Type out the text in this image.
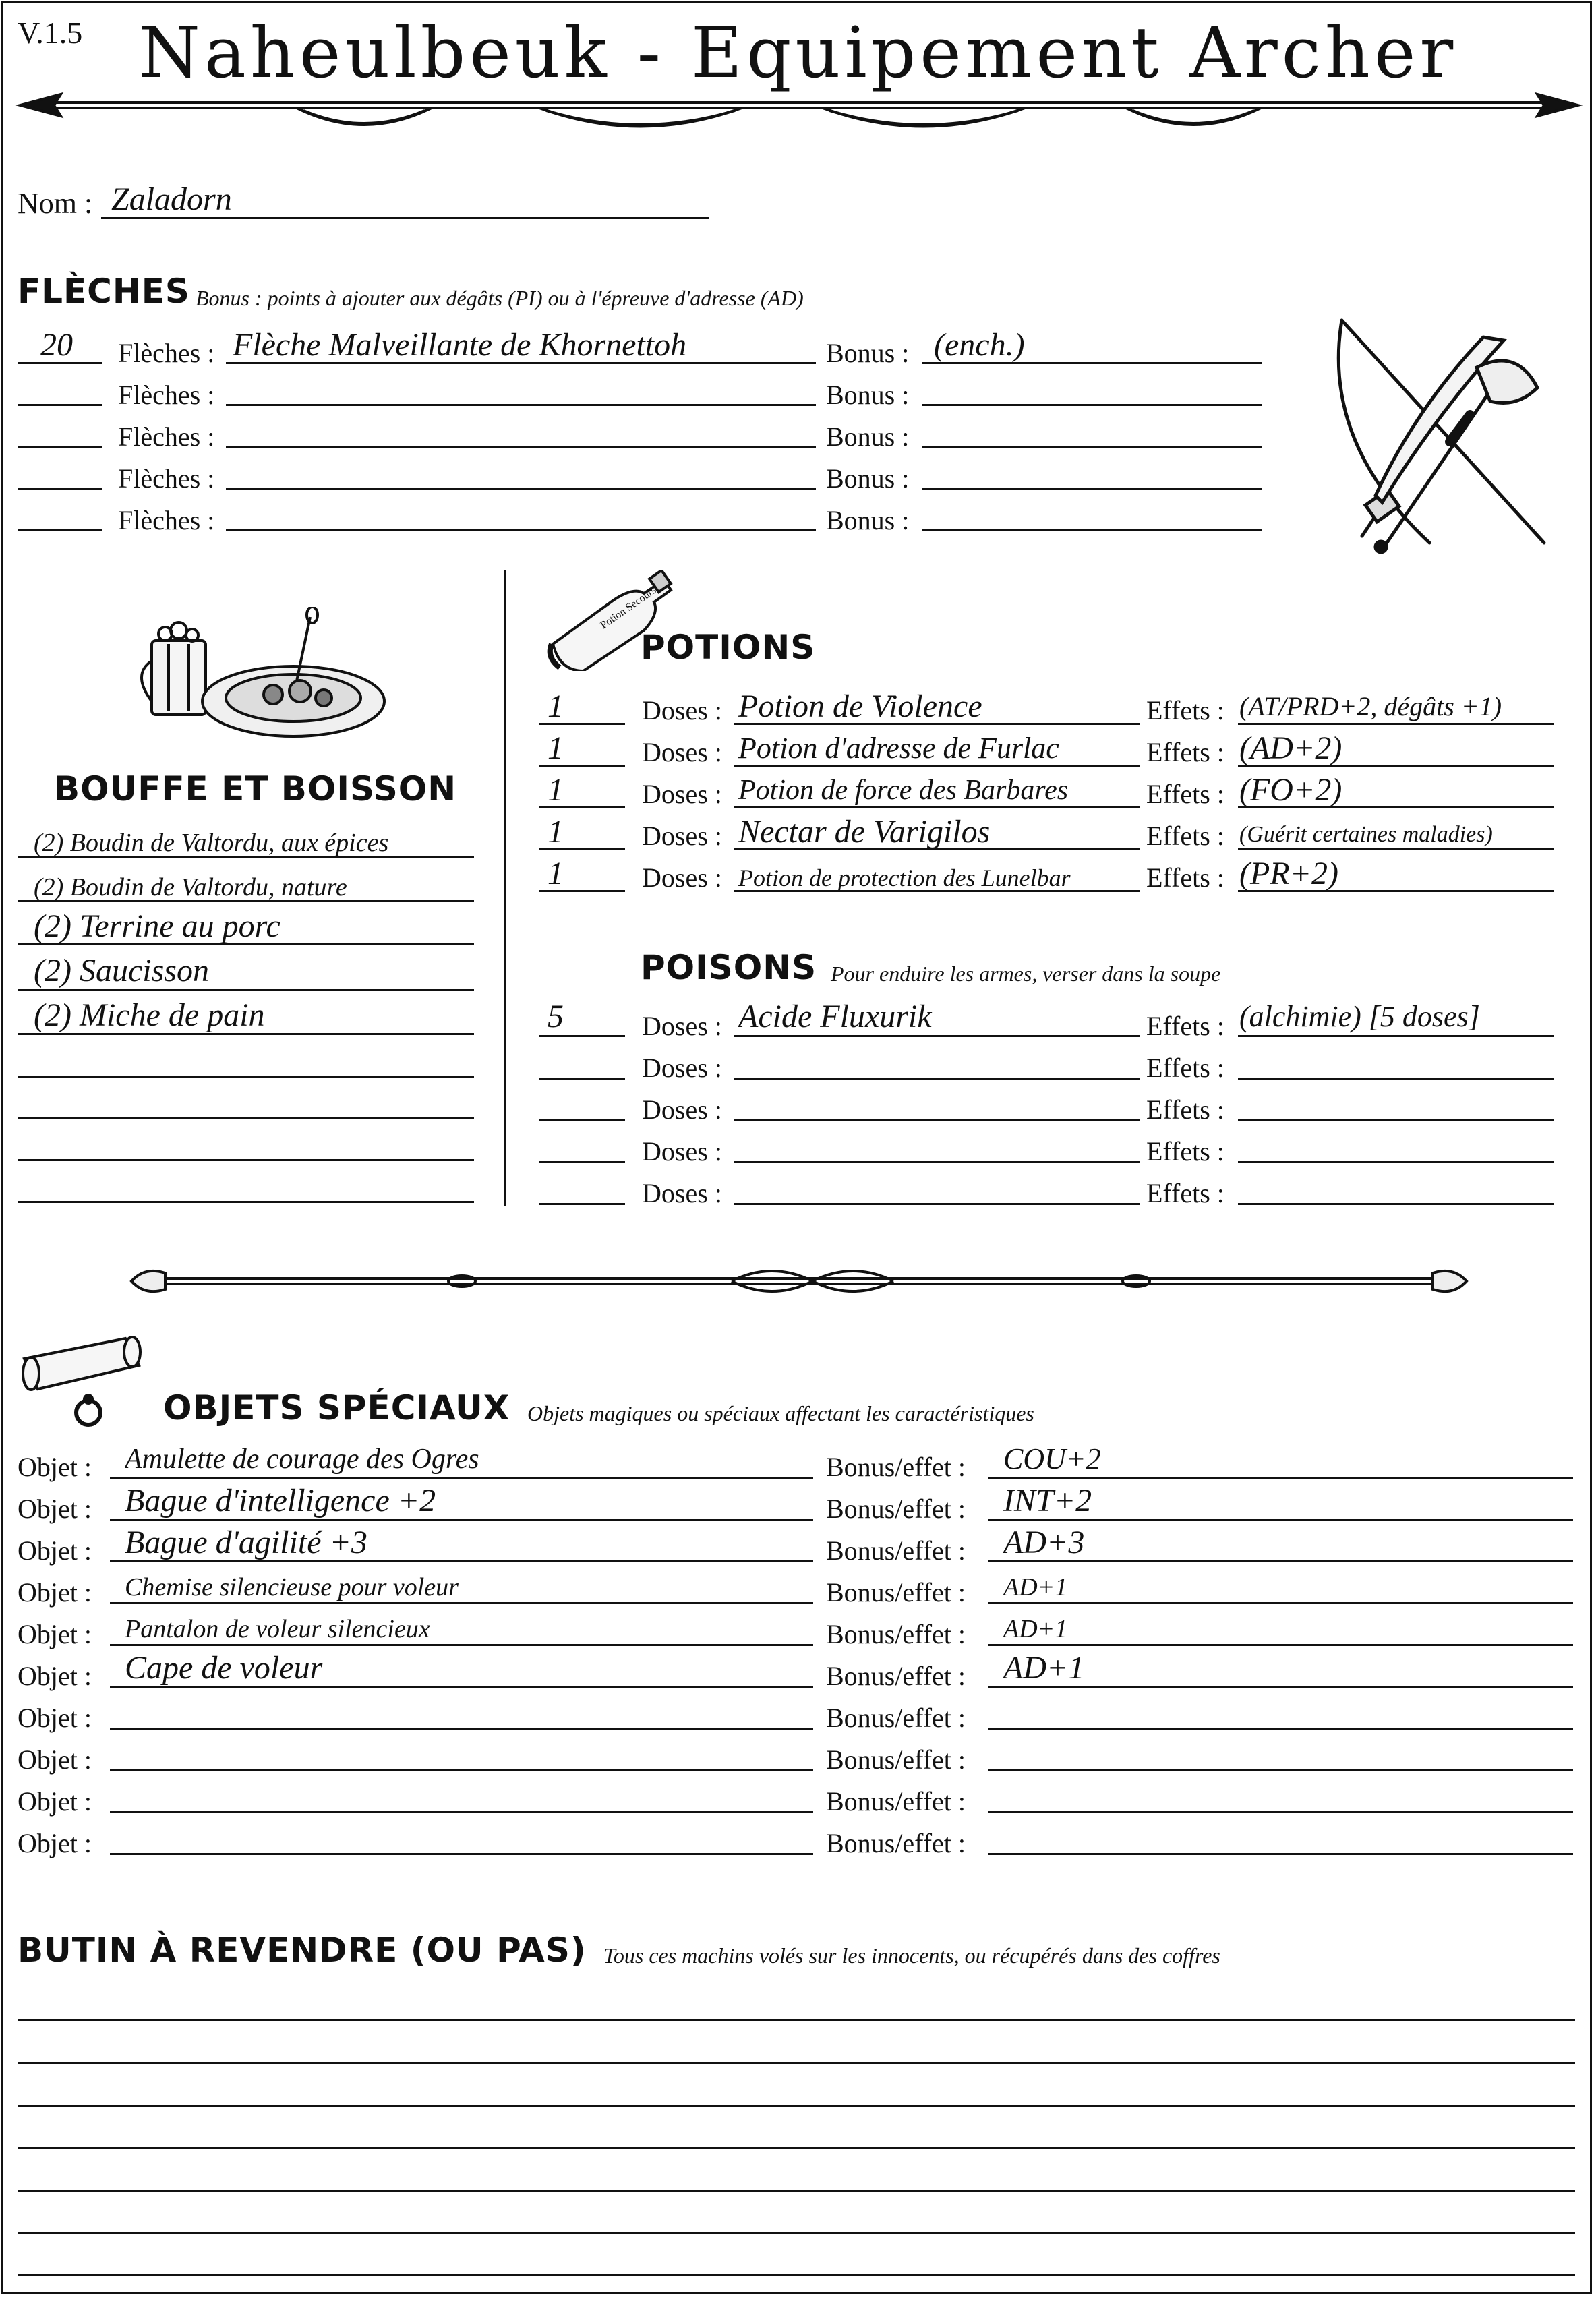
V.1.5 Naheulbeuk - Equipement Archer
Nom : Zaladorn
FLÈCHES Bonus : points à ajouter aux dégâts (PI) ou à l'épreuve d'adresse (AD)
20	Flèches : Flèche Malveillante de Khornettoh	Bonus : (ench.)
Flèches :	Bonus :
Flèches :	Bonus :
Flèches :	Bonus :
Flèches :	Bonus :
BOUFFE ET BOISSON
(2) Boudin de Valtordu, aux épices
(2) Boudin de Valtordu, nature
(2) Terrine au porc
(2) Saucisson
(2) Miche de pain
Potion Secours
POTIONS
1	Doses : Potion de Violence	Effets : (AT/PRD+2, dégâts +1)
1	Doses : Potion d'adresse de Furlac	Effets : (AD+2)
1	Doses : Potion de force des Barbares	Effets : (FO+2)
1	Doses : Nectar de Varigilos	Effets : (Guérit certaines maladies)
1	Doses : Potion de protection des Lunelbar	Effets : (PR+2)
POISONS Pour enduire les armes, verser dans la soupe
5	Doses : Acide Fluxurik	Effets : (alchimie) [5 doses]
Doses :	Effets :
Doses :	Effets :
Doses :	Effets :
Doses :	Effets :
OBJETS SPÉCIAUX Objets magiques ou spéciaux affectant les caractéristiques
Objet : Amulette de courage des Ogres	Bonus/effet : COU+2
Objet : Bague d'intelligence +2	Bonus/effet : INT+2
Objet : Bague d'agilité +3	Bonus/effet : AD+3
Objet : Chemise silencieuse pour voleur	Bonus/effet : AD+1
Objet : Pantalon de voleur silencieux	Bonus/effet : AD+1
Objet : Cape de voleur	Bonus/effet : AD+1
Objet :	Bonus/effet :
Objet :	Bonus/effet :
Objet :	Bonus/effet :
Objet :	Bonus/effet :
BUTIN À REVENDRE (OU PAS) Tous ces machins volés sur les innocents, ou récupérés dans des coffres
